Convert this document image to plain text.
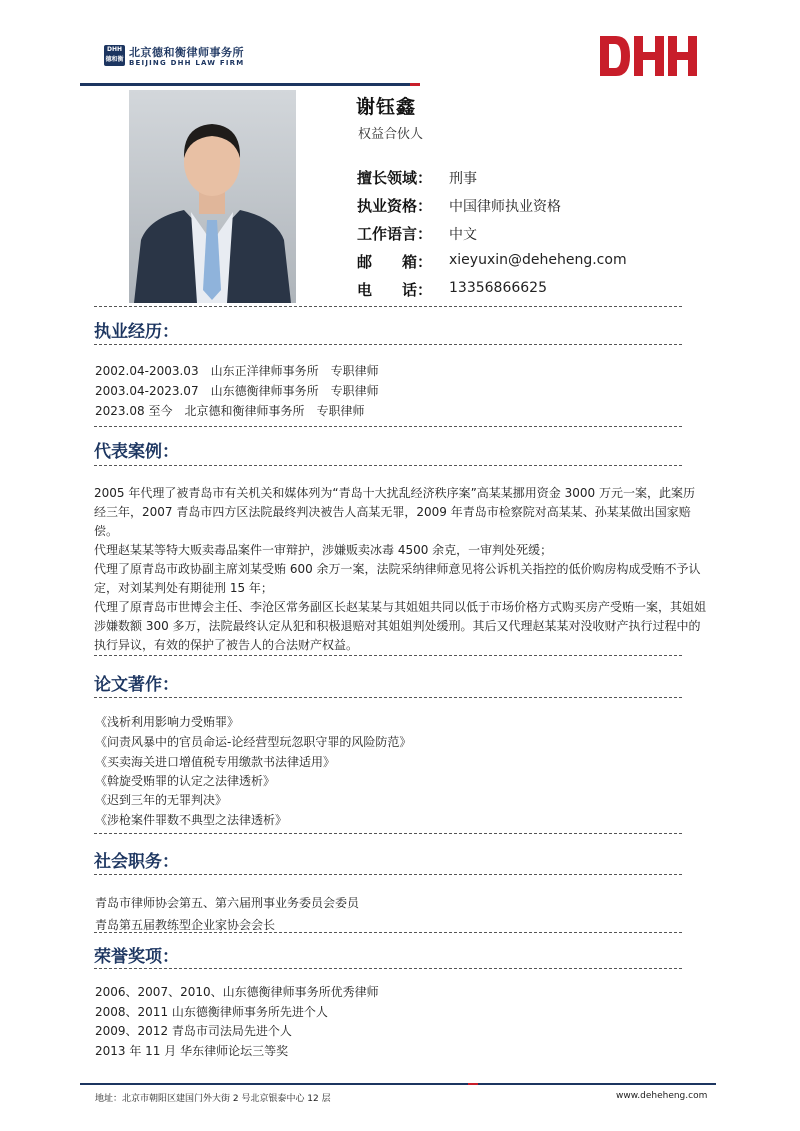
DHH
德和衡
北京德和衡律师事务所
BEIJING DHH LAW FIRM
谢钰鑫
权益合伙人
擅长领域：	刑事
执业资格：	中国律师执业资格
工作语言：	中文
邮　　箱：	xieyuxin@deheheng.com
电　　话：	13356866625
执业经历：
2002.04-2003.03　山东正洋律师事务所　专职律师
2003.04-2023.07　山东德衡律师事务所　专职律师
2023.08 至今　北京德和衡律师事务所　专职律师
代表案例：

2005 年代理了被青岛市有关机关和媒体列为“青岛十大扰乱经济秩序案”高某某挪用资金 3000 万元一案，此案历经三年，2007 青岛市四方区法院最终判决被告人高某无罪，2009 年青岛市检察院对高某某、孙某某做出国家赔偿。

代理赵某某等特大贩卖毒品案件一审辩护，涉嫌贩卖冰毒 4500 余克，一审判处死缓；

代理了原青岛市政协副主席刘某受贿 600 余万一案，法院采纳律师意见将公诉机关指控的低价购房构成受贿不予认定，对刘某判处有期徒刑 15 年；

代理了原青岛市世博会主任、李沧区常务副区长赵某某与其姐姐共同以低于市场价格方式购买房产受贿一案，其姐姐涉嫌数额 300 多万，法院最终认定从犯和积极退赔对其姐姐判处缓刑。其后又代理赵某某对没收财产执行过程中的执行异议，有效的保护了被告人的合法财产权益。

论文著作：
《浅析利用影响力受贿罪》
《问责风暴中的官员命运-论经营型玩忽职守罪的风险防范》
《买卖海关进口增值税专用缴款书法律适用》
《斡旋受贿罪的认定之法律透析》
《迟到三年的无罪判决》
《涉枪案件罪数不典型之法律透析》
社会职务：
青岛市律师协会第五、第六届刑事业务委员会委员
青岛第五届教练型企业家协会会长
荣誉奖项：
2006、2007、2010、山东德衡律师事务所优秀律师
2008、2011 山东德衡律师事务所先进个人
2009、2012 青岛市司法局先进个人
2013 年 11 月 华东律师论坛三等奖
地址：北京市朝阳区建国门外大街 2 号北京银泰中心 12 层	www.deheheng.com
